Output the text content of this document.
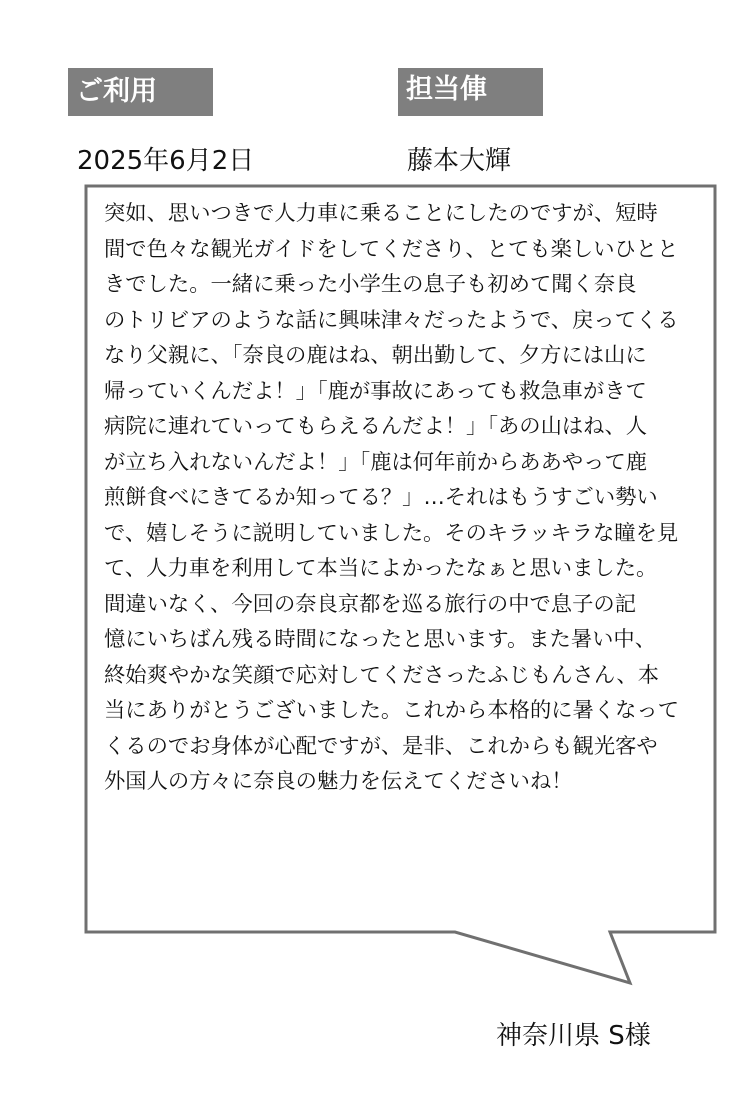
ご利用	担当俥
2025年6月2日	藤本大輝
突如、思いつきで人力車に乗ることにしたのですが、短時
間で色々な観光ガイドをしてくださり、とても楽しいひとと
きでした。一緒に乗った小学生の息子も初めて聞く奈良
のトリビアのような話に興味津々だったようで、戻ってくる
なり父親に、「奈良の鹿はね、朝出勤して、夕方には山に
帰っていくんだよ！」「鹿が事故にあっても救急車がきて
病院に連れていってもらえるんだよ！」「あの山はね、人
が立ち入れないんだよ！」「鹿は何年前からああやって鹿
煎餅食べにきてるか知ってる？」…それはもうすごい勢い
で、嬉しそうに説明していました。そのキラッキラな瞳を見
て、人力車を利用して本当によかったなぁと思いました。
間違いなく、今回の奈良京都を巡る旅行の中で息子の記
憶にいちばん残る時間になったと思います。また暑い中、
終始爽やかな笑顔で応対してくださったふじもんさん、本
当にありがとうございました。これから本格的に暑くなって
くるのでお身体が心配ですが、是非、これからも観光客や
外国人の方々に奈良の魅力を伝えてくださいね！
神奈川県 S様
